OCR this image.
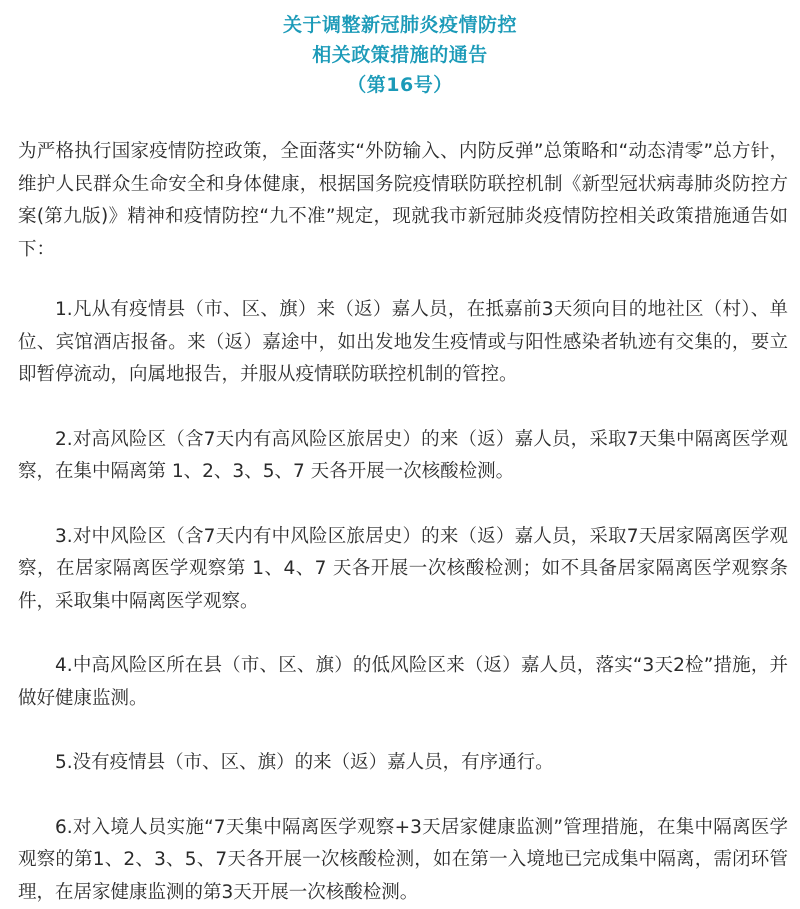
关于调整新冠肺炎疫情防控
相关政策措施的通告
（第16号）

为严格执行国家疫情防控政策，全面落实“外防输入、内防反弹”总策略和“动态清零”总方针，维护人民群众生命安全和身体健康，根据国务院疫情联防联控机制《新型冠状病毒肺炎防控方案(第九版)》精神和疫情防控“九不准”规定，现就我市新冠肺炎疫情防控相关政策措施通告如下：

1.凡从有疫情县（市、区、旗）来（返）嘉人员，在抵嘉前3天须向目的地社区（村）、单位、宾馆酒店报备。来（返）嘉途中，如出发地发生疫情或与阳性感染者轨迹有交集的，要立即暂停流动，向属地报告，并服从疫情联防联控机制的管控。

2.对高风险区（含7天内有高风险区旅居史）的来（返）嘉人员，采取7天集中隔离医学观察，在集中隔离第 1、2、3、5、7 天各开展一次核酸检测。

3.对中风险区（含7天内有中风险区旅居史）的来（返）嘉人员，采取7天居家隔离医学观察，在居家隔离医学观察第 1、4、7 天各开展一次核酸检测；如不具备居家隔离医学观察条件，采取集中隔离医学观察。

4.中高风险区所在县（市、区、旗）的低风险区来（返）嘉人员，落实“3天2检”措施，并做好健康监测。

5.没有疫情县（市、区、旗）的来（返）嘉人员，有序通行。

6.对入境人员实施“7天集中隔离医学观察+3天居家健康监测”管理措施，在集中隔离医学观察的第1、2、3、5、7天各开展一次核酸检测，如在第一入境地已完成集中隔离，需闭环管理，在居家健康监测的第3天开展一次核酸检测。
